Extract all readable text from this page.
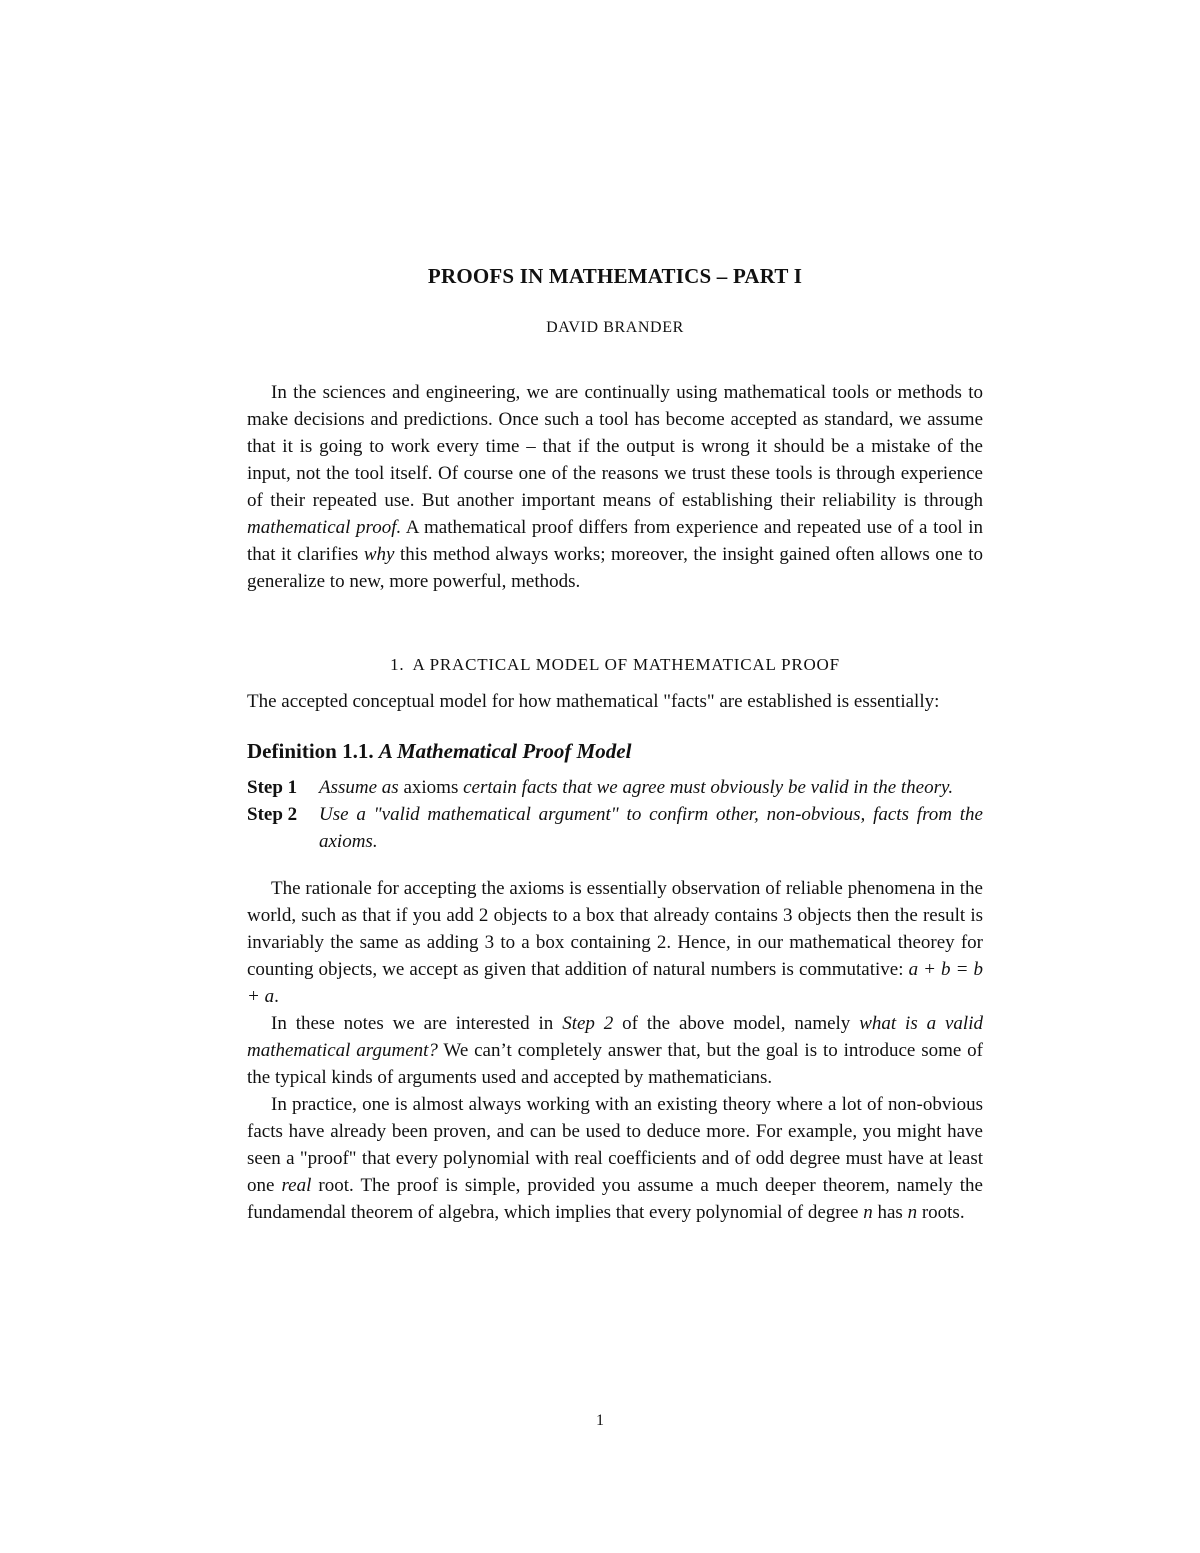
PROOFS IN MATHEMATICS – PART I
DAVID BRANDER

In the sciences and engineering, we are continually using mathematical tools or methods to make decisions and predictions. Once such a tool has become accepted as standard, we assume that it is going to work every time – that if the output is wrong it should be a mistake of the input, not the tool itself. Of course one of the reasons we trust these tools is through experience of their repeated use. But another important means of establishing their reliability is through mathematical proof. A mathematical proof differs from experience and repeated use of a tool in that it clarifies why this method always works; moreover, the insight gained often allows one to generalize to new, more powerful, methods.

1. A PRACTICAL MODEL OF MATHEMATICAL PROOF

The accepted conceptual model for how mathematical "facts" are established is essentially:

Definition 1.1. A Mathematical Proof Model
Step 1	Assume as axioms certain facts that we agree must obviously be valid in the theory.
Step 2	Use a "valid mathematical argument" to confirm other, non-obvious, facts from the axioms.

The rationale for accepting the axioms is essentially observation of reliable phenomena in the world, such as that if you add 2 objects to a box that already contains 3 objects then the result is invariably the same as adding 3 to a box containing 2. Hence, in our mathematical theorey for counting objects, we accept as given that addition of natural numbers is commutative: a + b = b + a.

In these notes we are interested in Step 2 of the above model, namely what is a valid mathematical argument? We can’t completely answer that, but the goal is to introduce some of the typical kinds of arguments used and accepted by mathematicians.

In practice, one is almost always working with an existing theory where a lot of non-obvious facts have already been proven, and can be used to deduce more. For example, you might have seen a "proof" that every polynomial with real coefficients and of odd degree must have at least one real root. The proof is simple, provided you assume a much deeper theorem, namely the fundamendal theorem of algebra, which implies that every polynomial of degree n has n roots.

1
